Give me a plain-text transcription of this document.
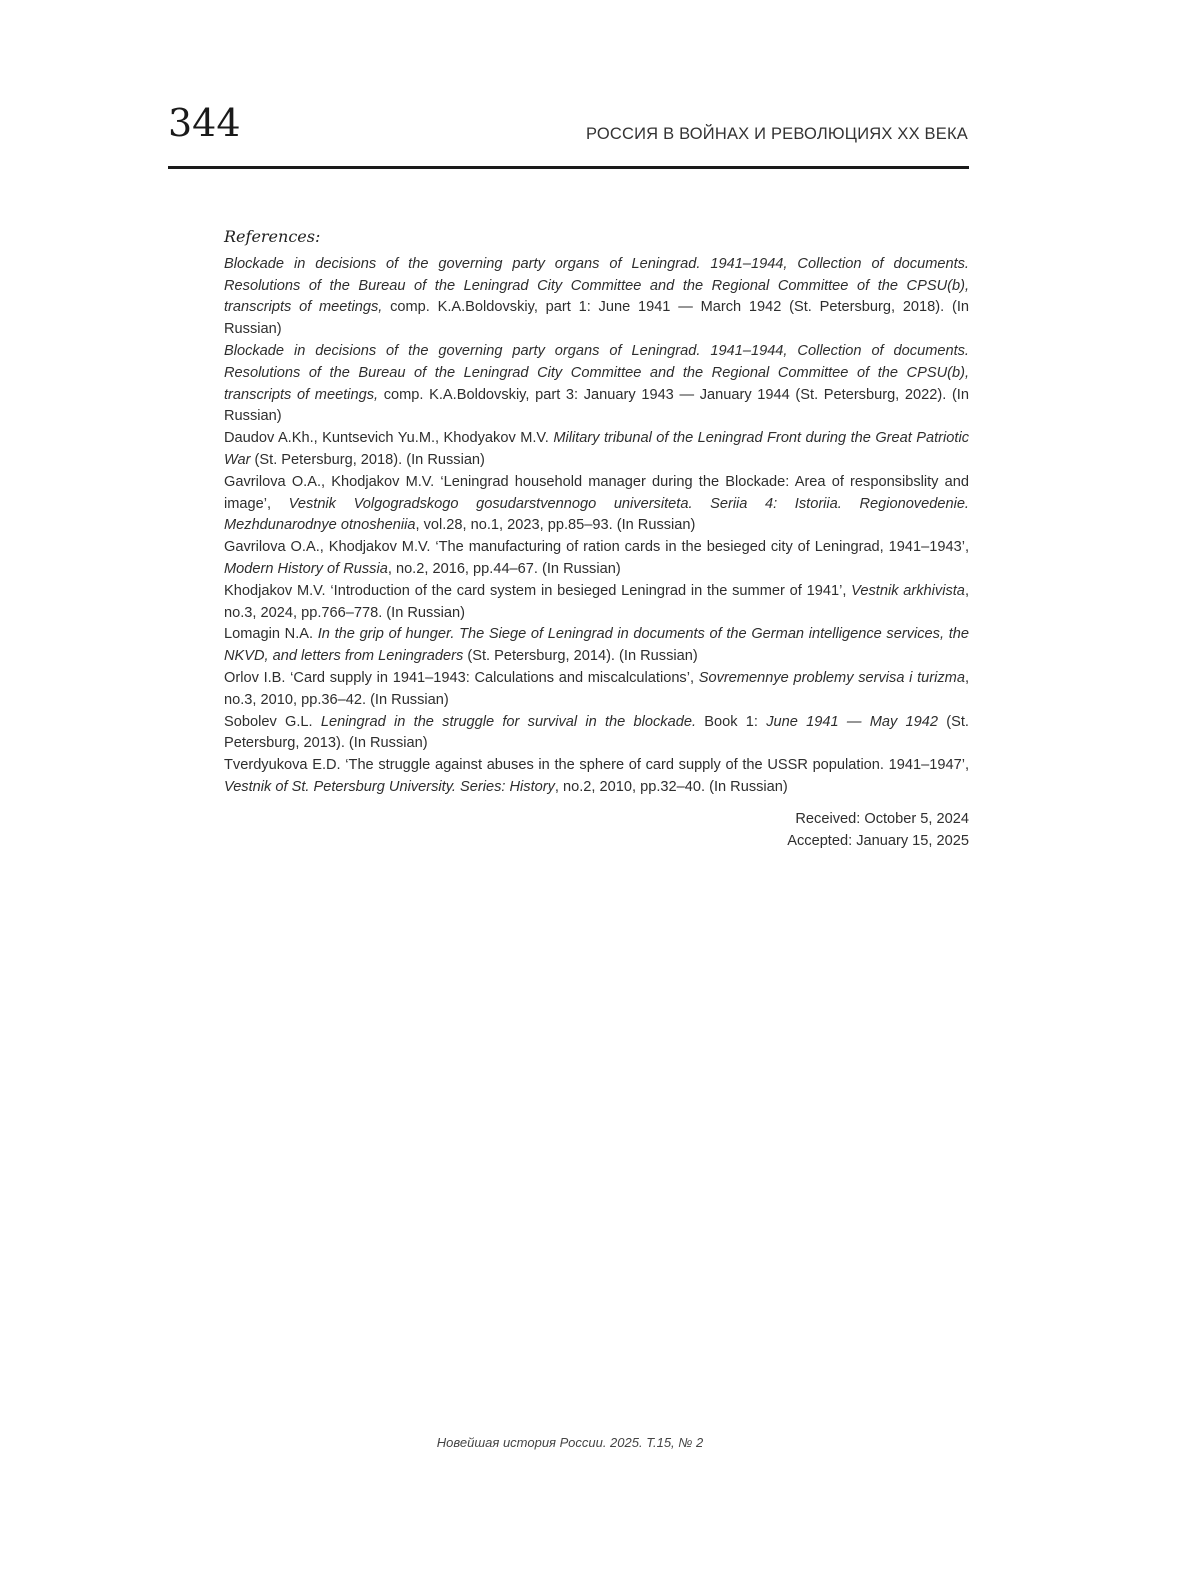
344	РОССИЯ В ВОЙНАХ И РЕВОЛЮЦИЯХ ХХ ВЕКА
References:

Blockade in decisions of the governing party organs of Leningrad. 1941–1944, Collection of documents. Resolutions of the Bureau of the Leningrad City Committee and the Regional Committee of the CPSU(b), transcripts of meetings, comp. K.A.Boldovskiy, part 1: June 1941 — March 1942 (St. Petersburg, 2018). (In Russian)

Blockade in decisions of the governing party organs of Leningrad. 1941–1944, Collection of documents. Resolutions of the Bureau of the Leningrad City Committee and the Regional Committee of the CPSU(b), transcripts of meetings, comp. K.A.Boldovskiy, part 3: January 1943 — January 1944 (St. Petersburg, 2022). (In Russian)

Daudov A.Kh., Kuntsevich Yu.M., Khodyakov M.V. Military tribunal of the Leningrad Front during the Great Patriotic War (St. Petersburg, 2018). (In Russian)

Gavrilova O.A., Khodjakov M.V. ‘Leningrad household manager during the Blockade: Area of responsibslity and image’, Vestnik Volgogradskogo gosudarstvennogo universiteta. Seriia 4: Istoriia. Regionovedenie. Mezhdunarodnye otnosheniia, vol.28, no.1, 2023, pp.85–93. (In Russian)

Gavrilova O.A., Khodjakov M.V. ‘The manufacturing of ration cards in the besieged city of Leningrad, 1941–1943’, Modern History of Russia, no.2, 2016, pp.44–67. (In Russian)

Khodjakov M.V. ‘Introduction of the card system in besieged Leningrad in the summer of 1941’, Vestnik arkhivista, no.3, 2024, pp.766–778. (In Russian)

Lomagin N.A. In the grip of hunger. The Siege of Leningrad in documents of the German intelligence services, the NKVD, and letters from Leningraders (St. Petersburg, 2014). (In Russian)

Orlov I.B. ‘Card supply in 1941–1943: Calculations and miscalculations’, Sovremennye problemy servisa i turizma, no.3, 2010, pp.36–42. (In Russian)

Sobolev G.L. Leningrad in the struggle for survival in the blockade. Book 1: June 1941 — May 1942 (St. Petersburg, 2013). (In Russian)

Tverdyukova E.D. ‘The struggle against abuses in the sphere of card supply of the USSR population. 1941–1947’, Vestnik of St. Petersburg University. Series: History, no.2, 2010, pp.32–40. (In Russian)

Received: October 5, 2024
Accepted: January 15, 2025
Новейшая история России. 2025. Т.15, № 2
